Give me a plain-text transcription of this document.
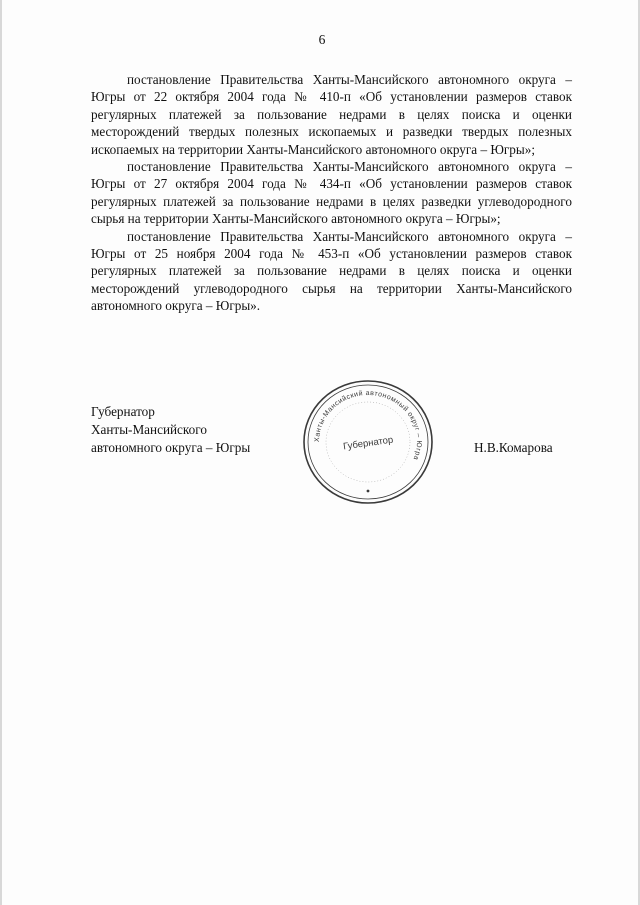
6

постановление Правительства Ханты-Мансийского автономного округа – Югры от 22 октября 2004 года № 410-п «Об установлении размеров ставок регулярных платежей за пользование недрами в целях поиска и оценки месторождений твердых полезных ископаемых и разведки твердых полезных ископаемых на территории Ханты-Мансийского автономного округа – Югры»;

постановление Правительства Ханты-Мансийского автономного округа – Югры от 27 октября 2004 года № 434-п «Об установлении размеров ставок регулярных платежей за пользование недрами в целях разведки углеводородного сырья на территории Ханты-Мансийского автономного округа – Югры»;

постановление Правительства Ханты-Мансийского автономного округа – Югры от 25 ноября 2004 года № 453-п «Об установлении размеров ставок регулярных платежей за пользование недрами в целях поиска и оценки месторождений углеводородного сырья на территории Ханты-Мансийского автономного округа – Югры».

Губернатор
Ханты-Мансийского
автономного округа – Югры
Ханты-Мансийский автономный округ – Югра
Губернатор	Н.В.Комарова
